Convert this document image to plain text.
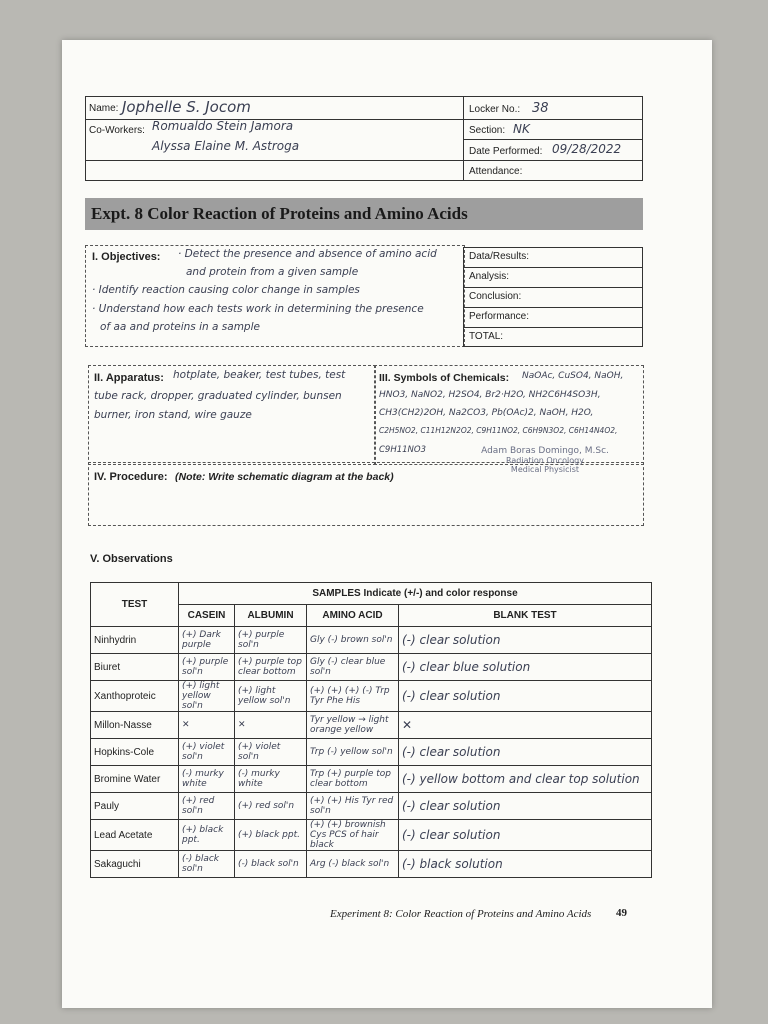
Name: Jophelle S. Jocom
Co-Workers: Romualdo Stein Jamora
Alyssa Elaine M. Astroga
Locker No.: 38
Section: NK
Date Performed: 09/28/2022
Attendance:
Expt. 8 Color Reaction of Proteins and Amino Acids
I. Objectives: · Detect the presence and absence of amino acid
and protein from a given sample
· Identify reaction causing color change in samples
· Understand how each tests work in determining the presence
of aa and proteins in a sample
Data/Results:
Analysis:
Conclusion:
Performance:
TOTAL:
II. Apparatus: hotplate, beaker, test tubes, test
tube rack, dropper, graduated cylinder, bunsen
burner, iron stand, wire gauze
III. Symbols of Chemicals: NaOAc, CuSO4, NaOH,
HNO3, NaNO2, H2SO4, Br2·H2O, NH2C6H4SO3H,
CH3(CH2)2OH, Na2CO3, Pb(OAc)2, NaOH, H2O,
C2H5NO2, C11H12N2O2, C9H11NO2, C6H9N3O2, C6H14N4O2,
C9H11NO3
IV. Procedure: (Note: Write schematic diagram at the back)
Adam Boras Domingo, M.Sc.
Radiation Oncology
Medical Physicist
V. Observations
TEST	SAMPLES Indicate (+/-) and color response			
	CASEIN	ALBUMIN	AMINO ACID	BLANK TEST
Ninhydrin	(+) Dark purple	(+) purple sol'n	Gly (-) brown sol'n	(-) clear solution
Biuret	(+) purple sol'n	(+) purple top clear bottom	Gly (-) clear blue sol'n	(-) clear blue solution
Xanthoproteic	(+) light yellow sol'n	(+) light yellow sol'n	(+) (+) (+) (-) Trp Tyr Phe His	(-) clear solution
Millon-Nasse	✕	✕	Tyr yellow → light orange yellow	✕
Hopkins-Cole	(+) violet sol'n	(+) violet sol'n	Trp (-) yellow sol'n	(-) clear solution
Bromine Water	(-) murky white	(-) murky white	Trp (+) purple top clear bottom	(-) yellow bottom and clear top solution
Pauly	(+) red sol'n	(+) red sol'n	(+) (+) His Tyr red sol'n	(-) clear solution
Lead Acetate	(+) black ppt.	(+) black ppt.	(+) (+) brownish Cys PCS of hair black	(-) clear solution
Sakaguchi	(-) black sol'n	(-) black sol'n	Arg (-) black sol'n	(-) black solution
Experiment 8: Color Reaction of Proteins and Amino Acids 49
